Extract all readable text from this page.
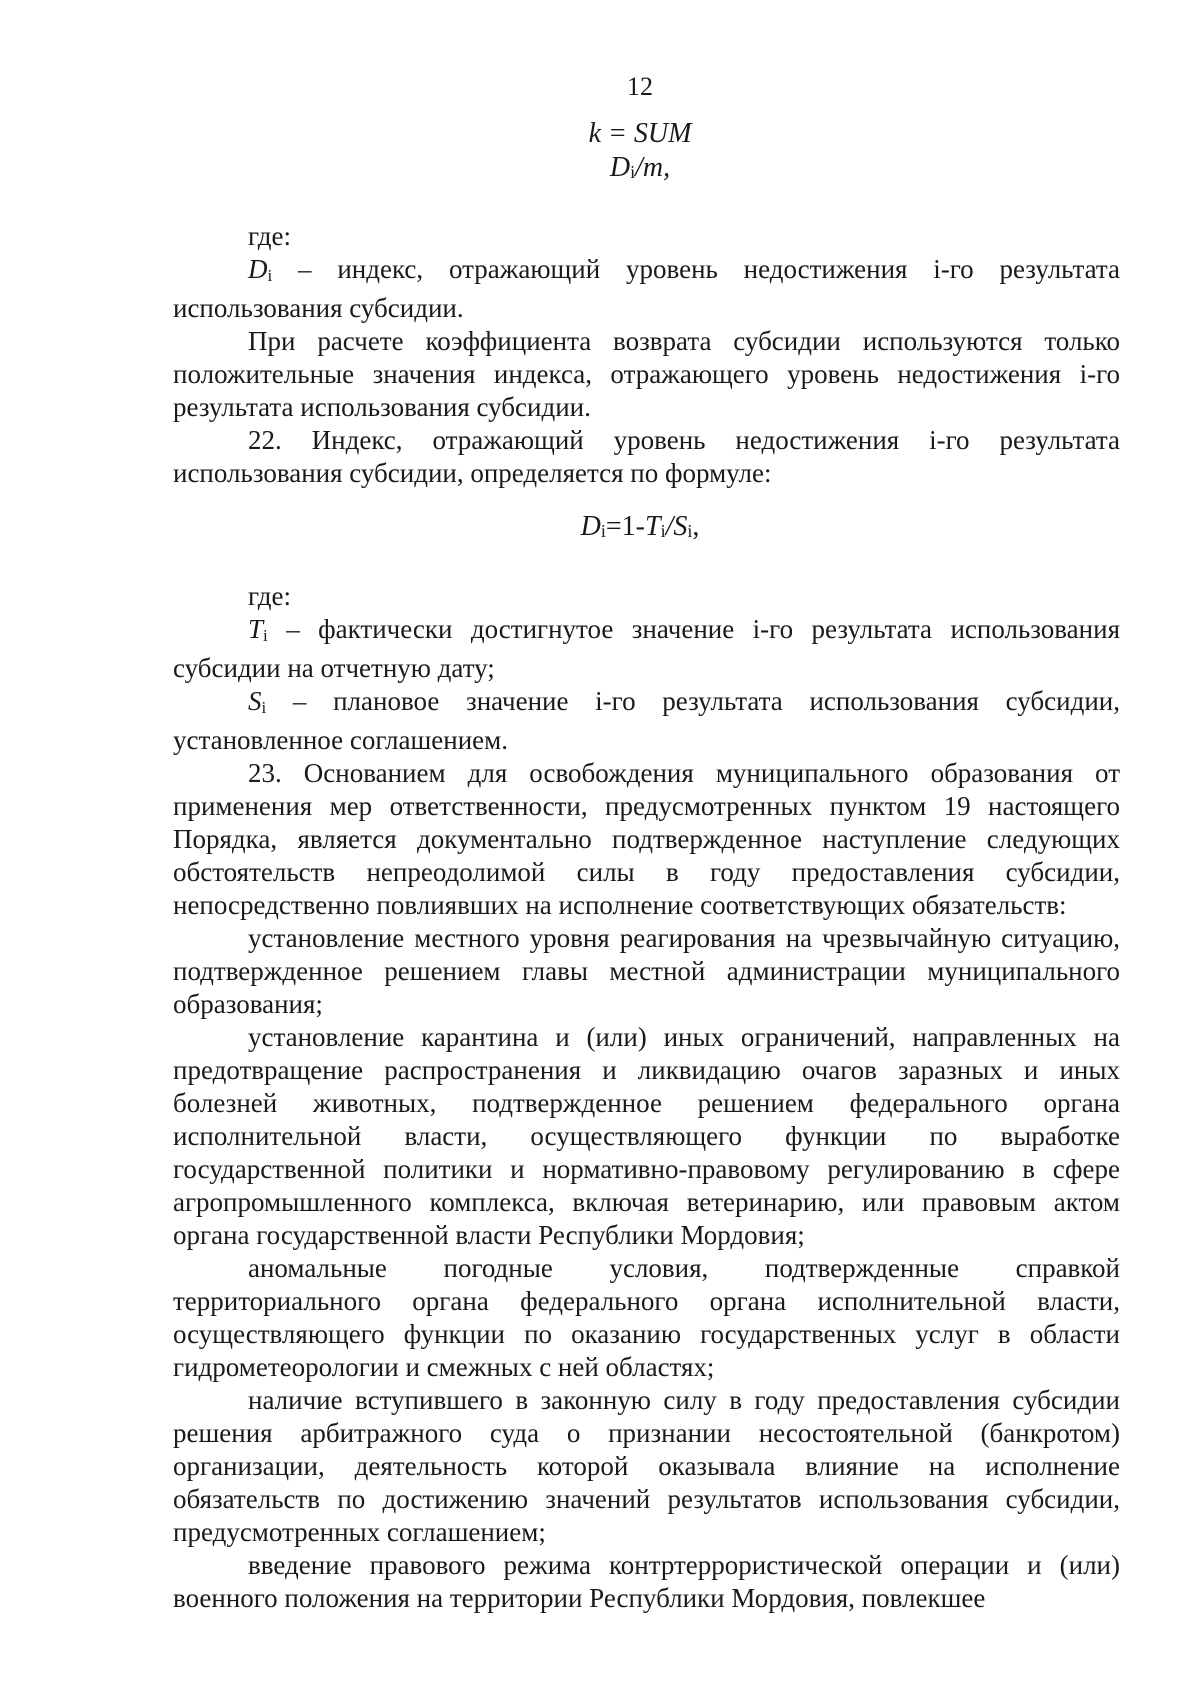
12
k = SUM
Di/m,

где:

Di – индекс, отражающий уровень недостижения i-го результата использования субсидии.

При расчете коэффициента возврата субсидии используются только положительные значения индекса, отражающего уровень недостижения i-го результата использования субсидии.

22. Индекс, отражающий уровень недостижения i-го результата использования субсидии, определяется по формуле:

Di=1-Ti/Si,

где:

Ti – фактически достигнутое значение i-го результата использования субсидии на отчетную дату;

Si – плановое значение i-го результата использования субсидии, установленное соглашением.

23. Основанием для освобождения муниципального образования от применения мер ответственности, предусмотренных пунктом 19 настоящего Порядка, является документально подтвержденное наступление следующих обстоятельств непреодолимой силы в году предоставления субсидии, непосредственно повлиявших на исполнение соответствующих обязательств:

установление местного уровня реагирования на чрезвычайную ситуацию, подтвержденное решением главы местной администрации муниципального образования;

установление карантина и (или) иных ограничений, направленных на предотвращение распространения и ликвидацию очагов заразных и иных болезней животных, подтвержденное решением федерального органа исполнительной власти, осуществляющего функции по выработке государственной политики и нормативно-правовому регулированию в сфере агропромышленного комплекса, включая ветеринарию, или правовым актом органа государственной власти Республики Мордовия;

аномальные погодные условия, подтвержденные справкой территориального органа федерального органа исполнительной власти, осуществляющего функции по оказанию государственных услуг в области гидрометеорологии и смежных с ней областях;

наличие вступившего в законную силу в году предоставления субсидии решения арбитражного суда о признании несостоятельной (банкротом) организации, деятельность которой оказывала влияние на исполнение обязательств по достижению значений результатов использования субсидии, предусмотренных соглашением;

введение правового режима контртеррористической операции и (или) военного положения на территории Республики Мордовия, повлекшее
